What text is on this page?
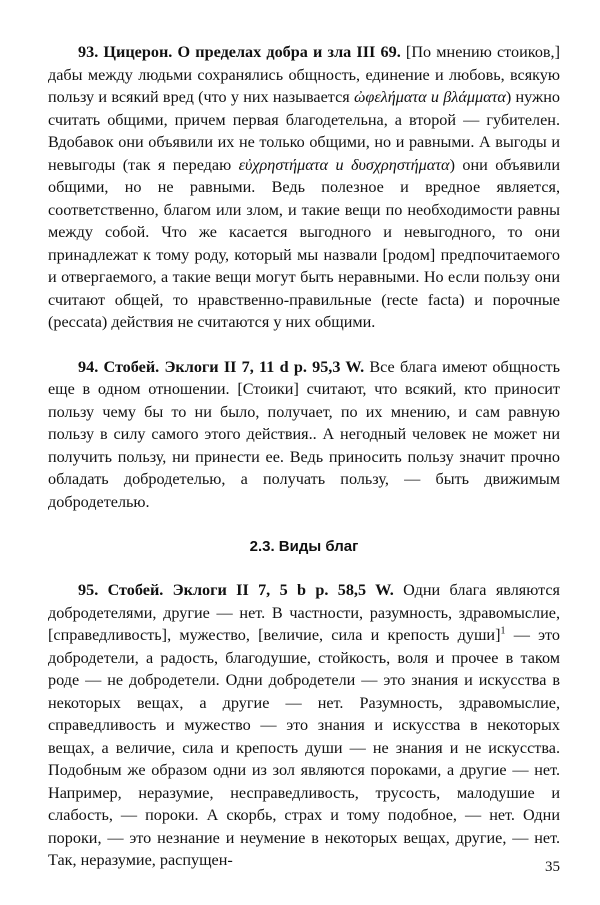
93. Цицерон. О пределах добра и зла III 69. [По мнению стоиков,] дабы между людьми сохранялись общность, единение и любовь, всякую пользу и всякий вред (что у них называется ὠφελήματα и βλάμματα) нужно считать общими, причем первая благодетельна, а второй — губителен. Вдобавок они объявили их не только общими, но и равными. А выгоды и невыгоды (так я передаю εὐχρηστήματα и δυσχρηστήματα) они объявили общими, но не равными. Ведь полезное и вредное является, соответственно, благом или злом, и такие вещи по необходимости равны между собой. Что же касается выгодного и невыгодного, то они принадлежат к тому роду, который мы назвали [родом] предпочитаемого и отвергаемого, а такие вещи могут быть неравными. Но если пользу они считают общей, то нравственно-правильные (recte facta) и порочные (peccata) действия не считаются у них общими.

94. Стобей. Эклоги II 7, 11 d p. 95,3 W. Все блага имеют общность еще в одном отношении. [Стоики] считают, что всякий, кто приносит пользу чему бы то ни было, получает, по их мнению, и сам равную пользу в силу самого этого действия.. А негодный человек не может ни получить пользу, ни принести ее. Ведь приносить пользу значит прочно обладать добродетелью, а получать пользу, — быть движимым добродетелью.

2.3. Виды благ

95. Стобей. Эклоги II 7, 5 b p. 58,5 W. Одни блага являются добродетелями, другие — нет. В частности, разумность, здравомыслие, [справедливость], мужество, [величие, сила и крепость души]$^1$ — это добродетели, а радость, благодушие, стойкость, воля и прочее в таком роде — не добродетели. Одни добродетели — это знания и искусства в некоторых вещах, а другие — нет. Разумность, здравомыслие, справедливость и мужество — это знания и искусства в некоторых вещах, а величие, сила и крепость души — не знания и не искусства. Подобным же образом одни из зол являются пороками, а другие — нет. Например, неразумие, несправедливость, трусость, малодушие и слабость, — пороки. А скорбь, страх и тому подобное, — нет. Одни пороки, — это незнание и неумение в некоторых вещах, другие, — нет. Так, неразумие, распущен-	35
